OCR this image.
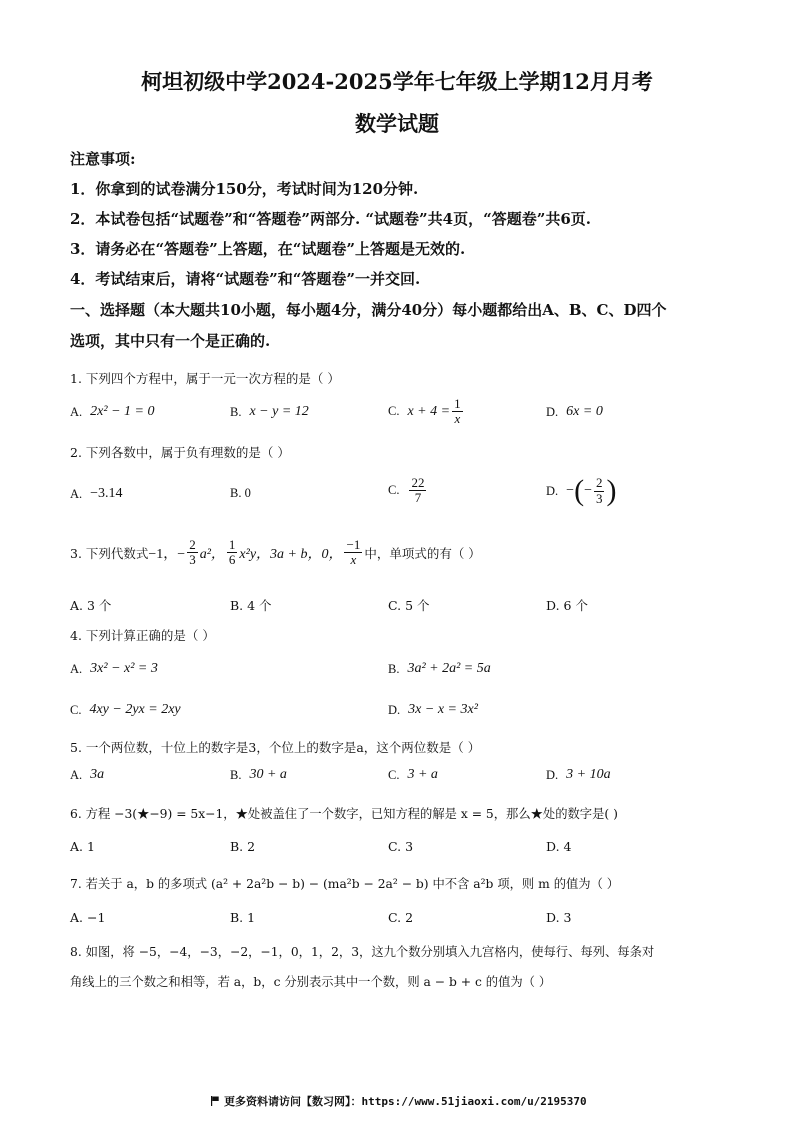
柯坦初级中学2024-2025学年七年级上学期12月月考
数学试题
注意事项:
1．你拿到的试卷满分150分，考试时间为120分钟.
2．本试卷包括“试题卷”和“答题卷”两部分. “试题卷”共4页，“答题卷”共6页.
3．请务必在“答题卷”上答题，在“试题卷”上答题是无效的.
4．考试结束后，请将“试题卷”和“答题卷”一并交回.
一、选择题（本大题共10小题，每小题4分，满分40分）每小题都给出A、B、C、D四个
选项，其中只有一个是正确的.
1. 下列四个方程中，属于一元一次方程的是（ ）
A. 2x² − 1 = 0	B. x − y = 12	C. $x + 4 = \frac{1}{x}$	D. 6x = 0
2. 下列各数中，属于负有理数的是（ ）
A. −3.14	B. 0	C. $\frac{22}{7}$	D. − ( − $\frac{2}{3}$ )
3. 下列代数式 −1，− $\frac{2}{3} a^2$， $\frac{1}{6} x^2y$，3a + b，0， $\frac{-1}{x}$ 中，单项式的有（ ）
A. 3 个	B. 4 个	C. 5 个	D. 6 个
4. 下列计算正确的是（ ）
A. 3x² − x² = 3	B. 3a² + 2a² = 5a
C. 4xy − 2yx = 2xy	D. 3x − x = 3x²
5. 一个两位数，十位上的数字是3，个位上的数字是a，这个两位数是（ ）
A. 3a	B. 30 + a	C. 3 + a	D. 3 + 10a
6. 方程 −3(★−9) = 5x−1，★处被盖住了一个数字，已知方程的解是 x = 5，那么★处的数字是( )
A. 1	B. 2	C. 3	D. 4
7. 若关于 a，b 的多项式 (a² + 2a²b − b) − (ma²b − 2a² − b) 中不含 a²b 项，则 m 的值为（ ）
A. −1	B. 1	C. 2	D. 3
8. 如图，将 −5，−4，−3，−2，−1，0，1，2，3，这九个数分别填入九宫格内，使每行、每列、每条对
角线上的三个数之和相等，若 a，b，c 分别表示其中一个数，则 a − b + c 的值为（ ）
更多资料请访问【数习网】：https://www.51jiaoxi.com/u/2195370
